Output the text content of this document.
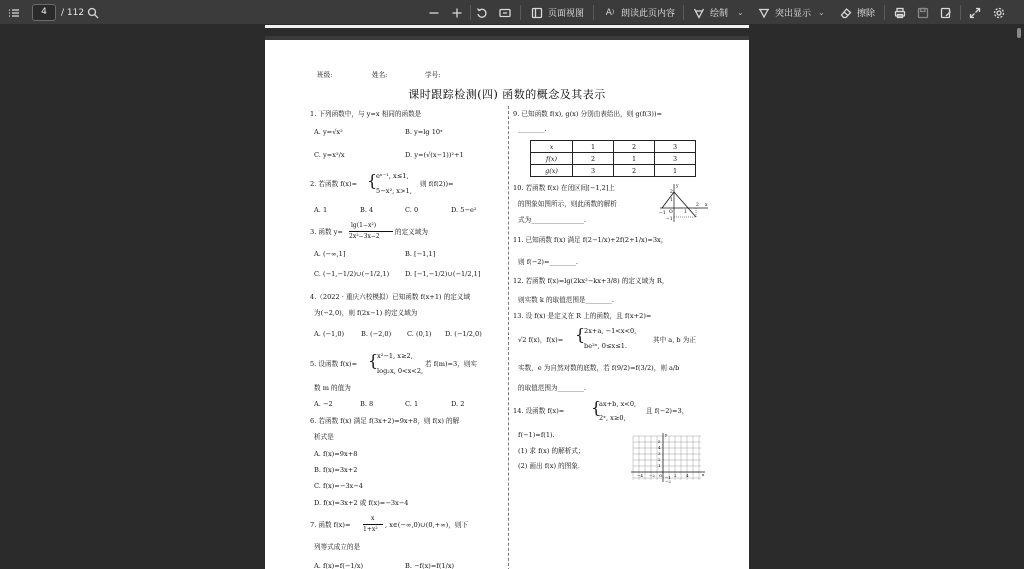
4	/ 112	页面视图	A ) 朗读此页内容	绘制 ⌄	突出显示 ⌄	擦除
班级:	姓名:	学号:
课时跟踪检测(四) 函数的概念及其表示
1. 下列函数中，与 y=x 相同的函数是
A. y=√x²	B. y=lg 10ˣ
C. y=x²/x	D. y=(√(x−1))²+1
2. 若函数 f(x)= {
eˣ⁻¹, x≤1,
5−x², x>1,
则 f(f(2))=
A. 1	B. 4	C. 0	D. 5−e²
3. 函数 y=
lg(1−x²)
2x²−3x−2
的定义域为
A. (−∞,1]	B. [−1,1]
C. (−1,−1/2)∪(−1/2,1) D. [−1,−1/2)∪(−1/2,1]
4.（2022 · 重庆六校模拟）已知函数 f(x+1) 的定义域
为(−2,0)，则 f(2x−1) 的定义域为
A. (−1,0)	B. (−2,0) C. (0,1) D. (−1/2,0)
5. 设函数 f(x)= {
x²−1, x≥2,
log₂x, 0<x<2,
若 f(m)=3，则实
数 m 的值为
A. −2	B. 8	C. 1	D. 2
6. 若函数 f(x) 满足 f(3x+2)=9x+8，则 f(x) 的解
析式是
A. f(x)=9x+8
B. f(x)=3x+2
C. f(x)=−3x−4
D. f(x)=3x+2 或 f(x)=−3x−4
7. 函数 f(x)=
x
1+x²
, x∈(−∞,0)∪(0,+∞)，则下
列等式成立的是
A. f(x)=f(−1/x)	B. −f(x)=f(1/x)
9. 已知函数 f(x), g(x) 分别由表给出，则 g(f(3))=
________.
10. 若函数 f(x) 在闭区间[−1,2]上
的图象如图所示，则此函数的解析
式为________________.
11. 已知函数 f(x) 满足 f(2−1/x)+2f(2+1/x)=3x，
则 f(−2)=________.
12. 若函数 f(x)=lg(2kx²−kx+3/8) 的定义域为 R，
则实数 k 的取值范围是________.
13. 设 f(x) 是定义在 R 上的函数，且 f(x+2)=
√2 f(x)，f(x)= {
2x+a, −1<x<0,
be²ˣ, 0≤x≤1.
其中 a, b 为正
实数，e 为自然对数的底数，若 f(9/2)=f(3/2)，则 a/b
的取值范围为________.
14. 设函数 f(x)= {
ax+b, x<0,
2ˣ, x≥0,
且 f(−2)=3，
f(−1)=f(1).
(1) 求 f(x) 的解析式；
(2) 画出 f(x) 的图象.
x	1	2	3
f(x)	2	1	3
g(x)	3	2	1
y
2
1
−1 O	1
2 x
−1
y
5
4
3
2
1
−4 −2 O	2 4	x
−1
−2
